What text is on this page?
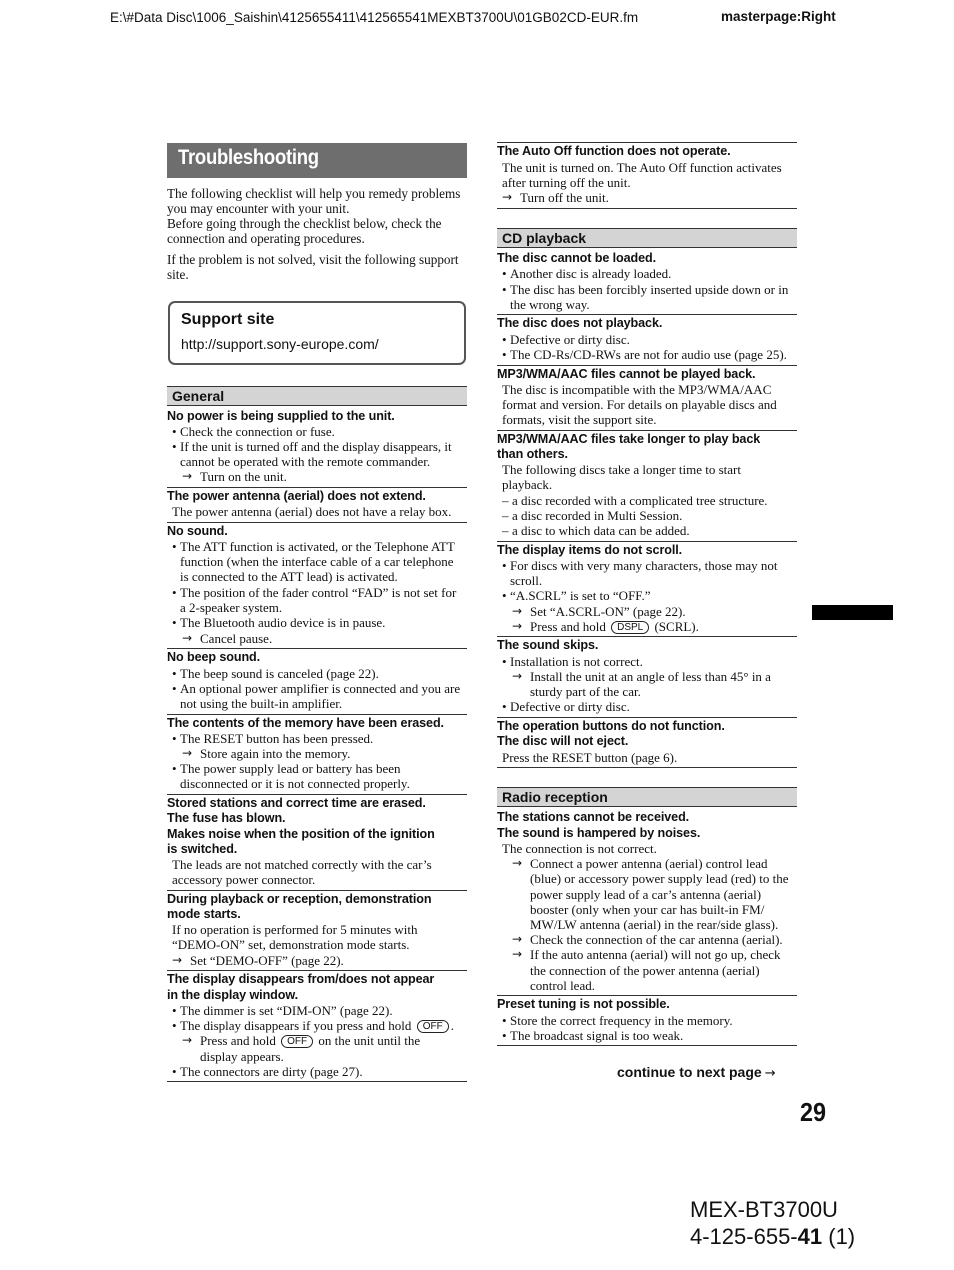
E:\#Data Disc\1006_Saishin\4125655411\412565541MEXBT3700U\01GB02CD-EUR.fm	masterpage:Right
Troubleshooting

The following checklist will help you remedy problems you may encounter with your unit.

Before going through the checklist below, check the connection and operating procedures.

If the problem is not solved, visit the following support site.

Support site
http://support.sony-europe.com/
General
No power is being supplied to the unit.
• Check the connection or fuse.
• If the unit is turned off and the display disappears, it
cannot be operated with the remote commander.
→ Turn on the unit.
The power antenna (aerial) does not extend.
The power antenna (aerial) does not have a relay box.
No sound.
• The ATT function is activated, or the Telephone ATT
function (when the interface cable of a car telephone
is connected to the ATT lead) is activated.
• The position of the fader control “FAD” is not set for
a 2-speaker system.
• The Bluetooth audio device is in pause.
→ Cancel pause.
No beep sound.
• The beep sound is canceled (page 22).
• An optional power amplifier is connected and you are
not using the built-in amplifier.
The contents of the memory have been erased.
• The RESET button has been pressed.
→ Store again into the memory.
• The power supply lead or battery has been
disconnected or it is not connected properly.
Stored stations and correct time are erased.
The fuse has blown.
Makes noise when the position of the ignition
is switched.
The leads are not matched correctly with the car’s
accessory power connector.
During playback or reception, demonstration
mode starts.
If no operation is performed for 5 minutes with
“DEMO-ON” set, demonstration mode starts.
→ Set “DEMO-OFF” (page 22).
The display disappears from/does not appear
in the display window.
• The dimmer is set “DIM-ON” (page 22).
• The display disappears if you press and hold OFF .
→ Press and hold OFF on the unit until the
display appears.
• The connectors are dirty (page 27).
The Auto Off function does not operate.
The unit is turned on. The Auto Off function activates
after turning off the unit.
→ Turn off the unit.
CD playback
The disc cannot be loaded.
• Another disc is already loaded.
• The disc has been forcibly inserted upside down or in
the wrong way.
The disc does not playback.
• Defective or dirty disc.
• The CD-Rs/CD-RWs are not for audio use (page 25).
MP3/WMA/AAC files cannot be played back.
The disc is incompatible with the MP3/WMA/AAC
format and version. For details on playable discs and
formats, visit the support site.
MP3/WMA/AAC files take longer to play back
than others.
The following discs take a longer time to start
playback.
– a disc recorded with a complicated tree structure.
– a disc recorded in Multi Session.
– a disc to which data can be added.
The display items do not scroll.
• For discs with very many characters, those may not
scroll.
• “A.SCRL” is set to “OFF.”
→ Set “A.SCRL-ON” (page 22).
→ Press and hold DSPL (SCRL).
The sound skips.
• Installation is not correct.
→ Install the unit at an angle of less than 45° in a
sturdy part of the car.
• Defective or dirty disc.
The operation buttons do not function.
The disc will not eject.
Press the RESET button (page 6).
Radio reception
The stations cannot be received.
The sound is hampered by noises.
The connection is not correct.
→ Connect a power antenna (aerial) control lead
(blue) or accessory power supply lead (red) to the
power supply lead of a car’s antenna (aerial)
booster (only when your car has built-in FM/
MW/LW antenna (aerial) in the rear/side glass).
→ Check the connection of the car antenna (aerial).
→ If the auto antenna (aerial) will not go up, check
the connection of the power antenna (aerial)
control lead.
Preset tuning is not possible.
• Store the correct frequency in the memory.
• The broadcast signal is too weak.
continue to next page →
29
MEX-BT3700U
4-125-655-41 (1)
